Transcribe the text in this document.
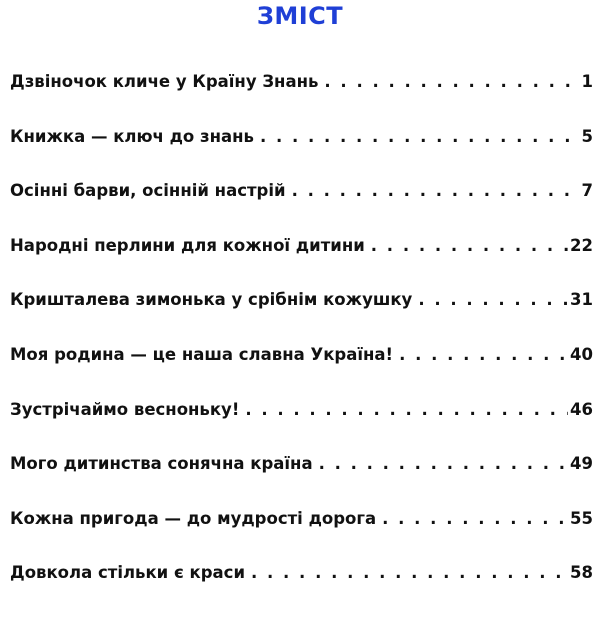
ЗМІСТ
Дзвіночок кличе у Країну Знань . . .	1
Книжка — ключ до знань . . .	5
Осінні барви, осінній настрій . . .	7
Народні перлини для кожної дитини . . .	22
Кришталева зимонька у срібнім кожушку . . .	31
Моя родина — це наша славна Україна! . . .	40
Зустрічаймо весноньку! . . .	46
Мого дитинства сонячна країна . . .	49
Кожна пригода — до мудрості дорога . . .	55
Довкола стільки є краси . . .	58
